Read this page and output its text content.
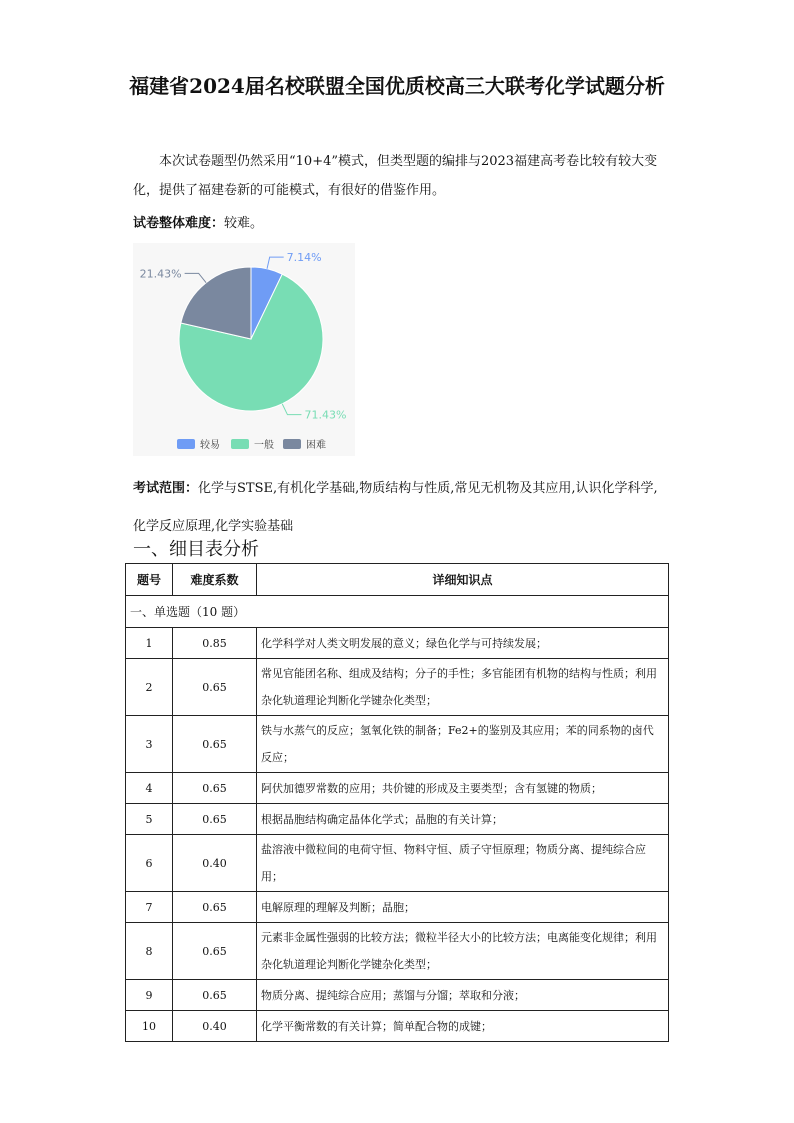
福建省2024届名校联盟全国优质校高三大联考化学试题分析
本次试卷题型仍然采用“10+4”模式，但类型题的编排与2023福建高考卷比较有较大变化，提供了福建卷新的可能模式，有很好的借鉴作用。
试卷整体难度：较难。
7.14%
71.43%
21.43%
较易	一般	困难
考试范围：化学与STSE,有机化学基础,物质结构与性质,常见无机物及其应用,认识化学科学,化学反应原理,化学实验基础
一、细目表分析
题号	难度系数	详细知识点
一、单选题（10 题）		
1	0.85	化学科学对人类文明发展的意义；绿色化学与可持续发展；
2	0.65	常见官能团名称、组成及结构；分子的手性；多官能团有机物的结构与性质；利用杂化轨道理论判断化学键杂化类型；
3	0.65	铁与水蒸气的反应；氢氧化铁的制备；Fe2+的鉴别及其应用；苯的同系物的卤代反应；
4	0.65	阿伏加德罗常数的应用；共价键的形成及主要类型；含有氢键的物质；
5	0.65	根据晶胞结构确定晶体化学式；晶胞的有关计算；
6	0.40	盐溶液中微粒间的电荷守恒、物料守恒、质子守恒原理；物质分离、提纯综合应用；
7	0.65	电解原理的理解及判断；晶胞；
8	0.65	元素非金属性强弱的比较方法；微粒半径大小的比较方法；电离能变化规律；利用杂化轨道理论判断化学键杂化类型；
9	0.65	物质分离、提纯综合应用；蒸馏与分馏；萃取和分液；
10	0.40	化学平衡常数的有关计算；简单配合物的成键；
